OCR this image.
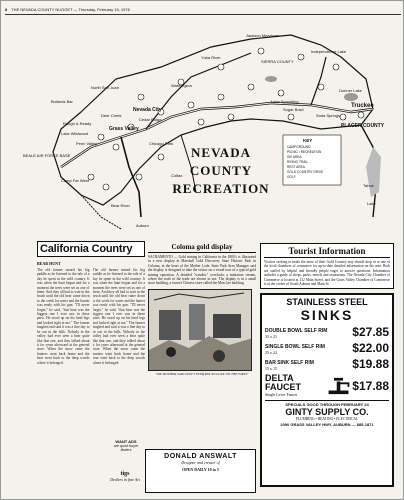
8 THE NEVADA COUNTY NUGGET — Thursday, February 15, 1976
Jackson Meadows
SIERRA COUNTY
Independence Lake
PLACER COUNTY
Truckee
Lake Spaulding
Sugar Bowl
Soda Springs
Nevada City
Grass Valley
North San Juan	Washington
Donner Lake
Camp Far West
BEALE AIR FORCE BASE
Penn Valley
Rough & Ready
Lake Wildwood
Chicago Park
Colfax
Cedar Ridge
Deer Creek
Tahoe
Lake
Bullards Bar
Yuba River
Bear River
Auburn
NEVADA
COUNTY
RECREATION
KEY
CAMPGROUND
PICNIC • RECREATION
SKI AREA
RIDING TRAIL
REST AREA
GOLD COUNTRY DRIVE
GOLF
California Country
BEAR HUNT
The old farmer turned his big paddle as he listened to the tale of a day he spent in the wild country. It was when the hunt begun and for a moment the trees were set as one of them. And they all had to wait in the brush until the old bear came down to the creek for water and the hunter was ready with his gun. "I'll never forget," he said, "that bear was the biggest one I ever saw in these parts. He stood up on his hind legs and looked right at me." The farmer laughed and said it was a fine day to be out in the hills. Nobody in the valley had ever seen a bear quite like that one, and they talked about it for years afterward at the general store. When the snow came the hunters went back home and the bear went back to the deep woods where it belonged.
The old farmer turned his big paddle as he listened to the tale of a day he spent in the wild country. It was when the hunt begun and for a moment the trees were set as one of them. And they all had to wait in the brush until the old bear came down to the creek for water and the hunter was ready with his gun. "I'll never forget," he said, "that bear was the biggest one I ever saw in these parts. He stood up on his hind legs and looked right at me." The farmer laughed and said it was a fine day to be out in the hills. Nobody in the valley had ever seen a bear quite like that one, and they talked about it for years afterward at the general store. When the snow came the hunters went back home and the bear went back to the deep woods where it belonged.
Coloma gold display
SACRAMENTO — Gold mining in California in the 1800's is illustrated in a new display at Marshall Gold Discovery State Historic Park in Coloma, in the heart of the Mother Lode. State Park Area Manager said the display is designed to take the visitor on a visual tour of a typical gold mining operation. A detailed "window" overlooks a miniature stream, where the tools of the trade are shown in use. The display is in a small store building, a former Chinese store called the Man Lee building.
"MY MOTHER SAID DON'T EVER PAY NUGGET ON THE FIRST"
WANT ADS
are quick buyer finders
tigs
Dealers in fine Art
DONALD ANSWALT
Designer and creator of
OPEN DAILY 10 to 5
Tourist Information
Visitors seeking to make the most of their Gold Country stay should drop in at one of the local chambers of commerce for up-to-date detailed information on the area. Both are staffed by helpful and friendly people eager to answer questions. Information includes a guide of shops, parks, motels and restaurants. The Nevada City Chamber of Commerce is located at 132 Main Street, and the Grass Valley Chamber of Commerce is at the corner of South Auburn and Main St.
STAINLESS STEEL
SINKS
DOUBLE BOWL SELF RIM
33 x 21	$27.85
SINGLE BOWL SELF RIM
25 x 22	$22.00
BAR SINK SELF RIM
15 x 15	$19.88
DELTA FAUCET
Single Lever Faucet
$17.88
SPECIALS GOOD THROUGH FEBRUARY 24
GINTY SUPPLY CO.
PLUMBING • HEATING • ELECTRICAL
2090 GRASS VALLEY HWY. AUBURN — 885-1871
